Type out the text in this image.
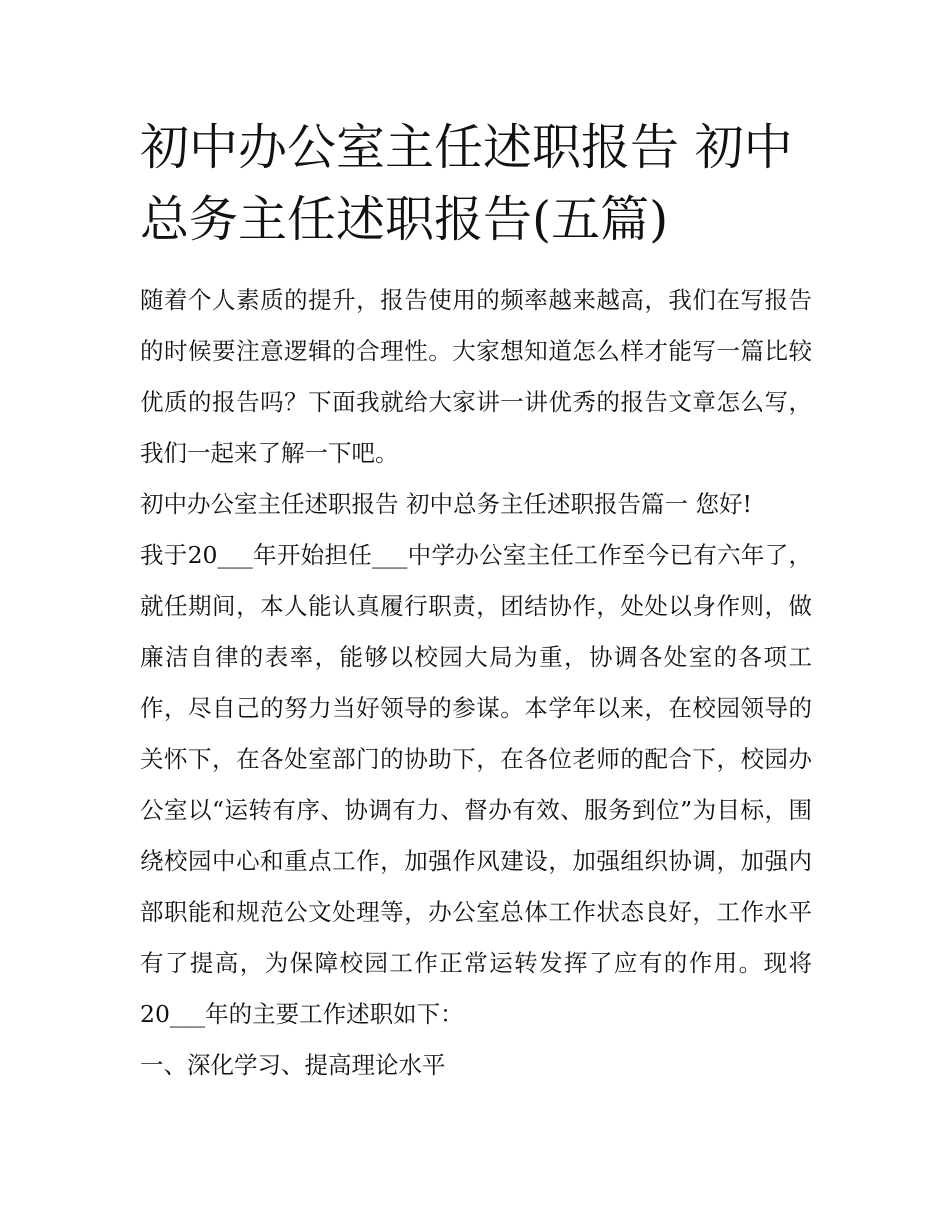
初中办公室主任述职报告 初中总务主任述职报告(五篇)

随着个人素质的提升，报告使用的频率越来越高，我们在写报告的时候要注意逻辑的合理性。大家想知道怎么样才能写一篇比较优质的报告吗？下面我就给大家讲一讲优秀的报告文章怎么写，我们一起来了解一下吧。

初中办公室主任述职报告 初中总务主任述职报告篇一 您好!

我于20___年开始担任___中学办公室主任工作至今已有六年了，就任期间，本人能认真履行职责，团结协作，处处以身作则，做廉洁自律的表率，能够以校园大局为重，协调各处室的各项工作，尽自己的努力当好领导的参谋。本学年以来，在校园领导的关怀下，在各处室部门的协助下，在各位老师的配合下，校园办公室以“运转有序、协调有力、督办有效、服务到位”为目标，围绕校园中心和重点工作，加强作风建设，加强组织协调，加强内部职能和规范公文处理等，办公室总体工作状态良好，工作水平有了提高，为保障校园工作正常运转发挥了应有的作用。现将20___年的主要工作述职如下：

一、深化学习、提高理论水平
